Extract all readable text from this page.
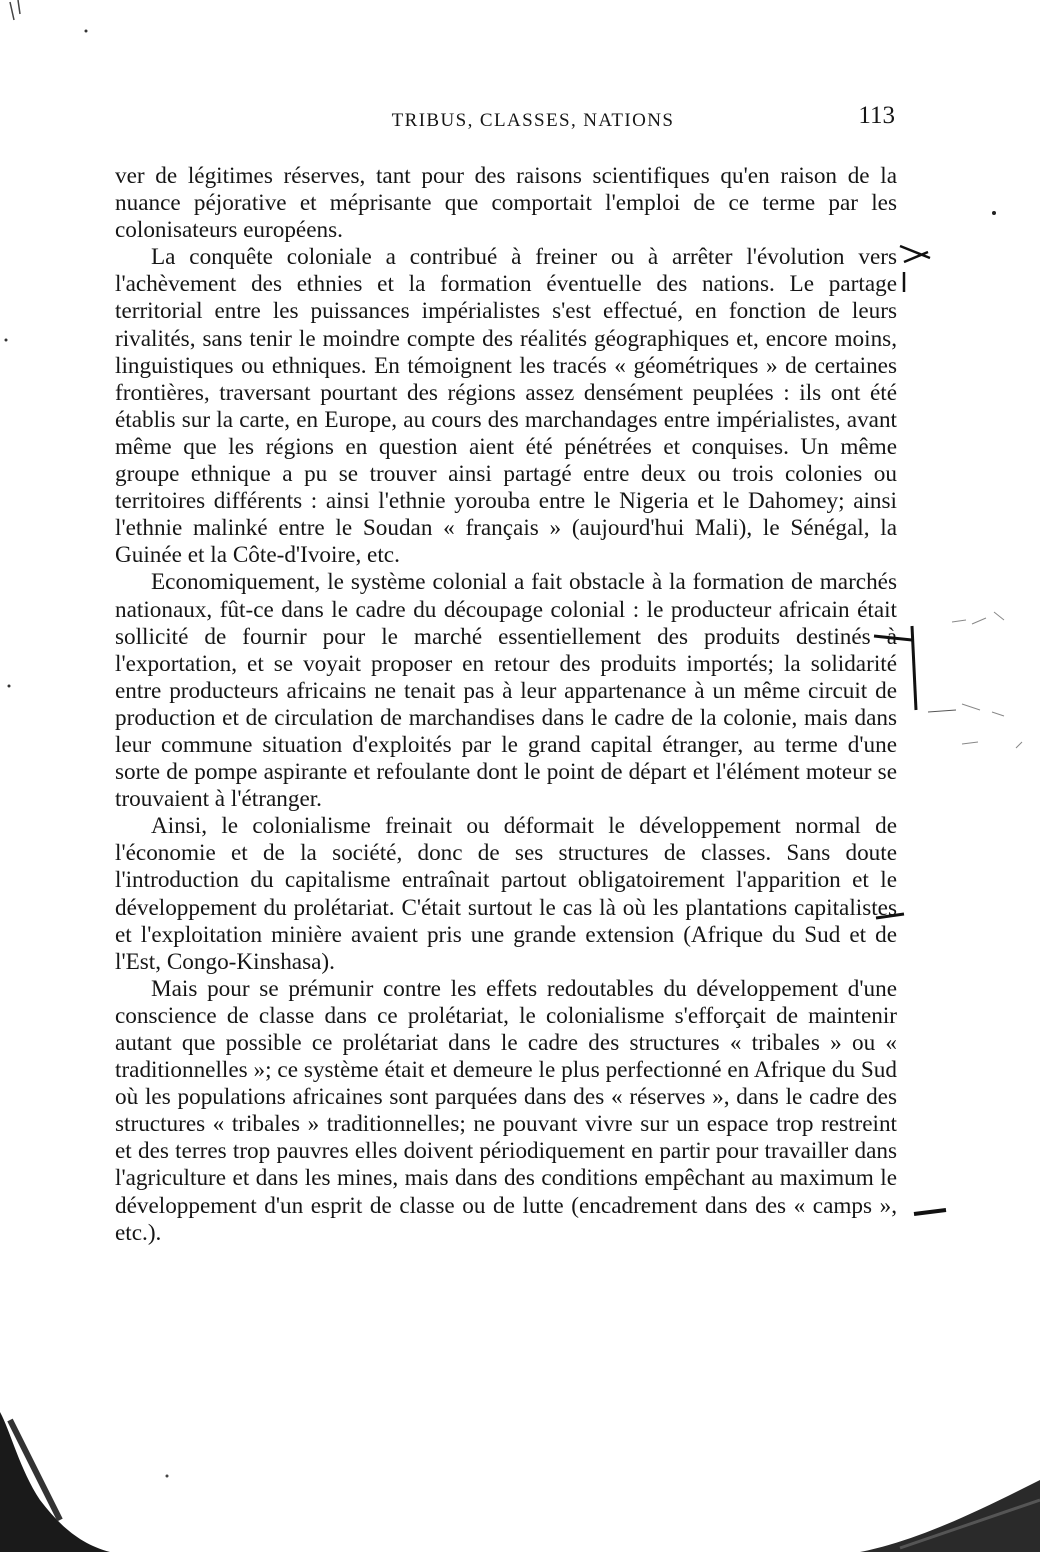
TRIBUS, CLASSES, NATIONS	113

ver de légitimes réserves, tant pour des raisons scientifiques qu'en raison de la nuance péjorative et méprisante que comportait l'emploi de ce terme par les colonisateurs européens.

La conquête coloniale a contribué à freiner ou à arrêter l'évolution vers l'achèvement des ethnies et la formation éventuelle des nations. Le partage territorial entre les puissances impérialistes s'est effectué, en fonction de leurs rivalités, sans tenir le moindre compte des réalités géographiques et, encore moins, linguistiques ou ethniques. En témoignent les tracés « géométriques » de certaines frontières, traversant pourtant des régions assez densément peuplées : ils ont été établis sur la carte, en Europe, au cours des marchandages entre impérialistes, avant même que les régions en question aient été pénétrées et conquises. Un même groupe ethnique a pu se trouver ainsi partagé entre deux ou trois colonies ou territoires différents : ainsi l'ethnie yorouba entre le Nigeria et le Dahomey; ainsi l'ethnie malinké entre le Soudan « français » (aujourd'hui Mali), le Sénégal, la Guinée et la Côte-d'Ivoire, etc.

Economiquement, le système colonial a fait obstacle à la formation de marchés nationaux, fût-ce dans le cadre du découpage colonial : le producteur africain était sollicité de fournir pour le marché essentiellement des produits destinés à l'exportation, et se voyait proposer en retour des produits importés; la solidarité entre producteurs africains ne tenait pas à leur appartenance à un même circuit de production et de circulation de marchandises dans le cadre de la colonie, mais dans leur commune situation d'exploités par le grand capital étranger, au terme d'une sorte de pompe aspirante et refoulante dont le point de départ et l'élément moteur se trouvaient à l'étranger.

Ainsi, le colonialisme freinait ou déformait le développement normal de l'économie et de la société, donc de ses structures de classes. Sans doute l'introduction du capitalisme entraînait partout obligatoirement l'apparition et le développement du prolétariat. C'était surtout le cas là où les plantations capitalistes et l'exploitation minière avaient pris une grande extension (Afrique du Sud et de l'Est, Congo-Kinshasa).

Mais pour se prémunir contre les effets redoutables du développement d'une conscience de classe dans ce prolétariat, le colonialisme s'efforçait de maintenir autant que possible ce prolétariat dans le cadre des structures « tribales » ou « traditionnelles »; ce système était et demeure le plus perfectionné en Afrique du Sud où les populations africaines sont parquées dans des « réserves », dans le cadre des structures « tribales » traditionnelles; ne pouvant vivre sur un espace trop restreint et des terres trop pauvres elles doivent périodiquement en partir pour travailler dans l'agriculture et dans les mines, mais dans des conditions empêchant au maximum le développement d'un esprit de classe ou de lutte (encadrement dans des « camps », etc.).
